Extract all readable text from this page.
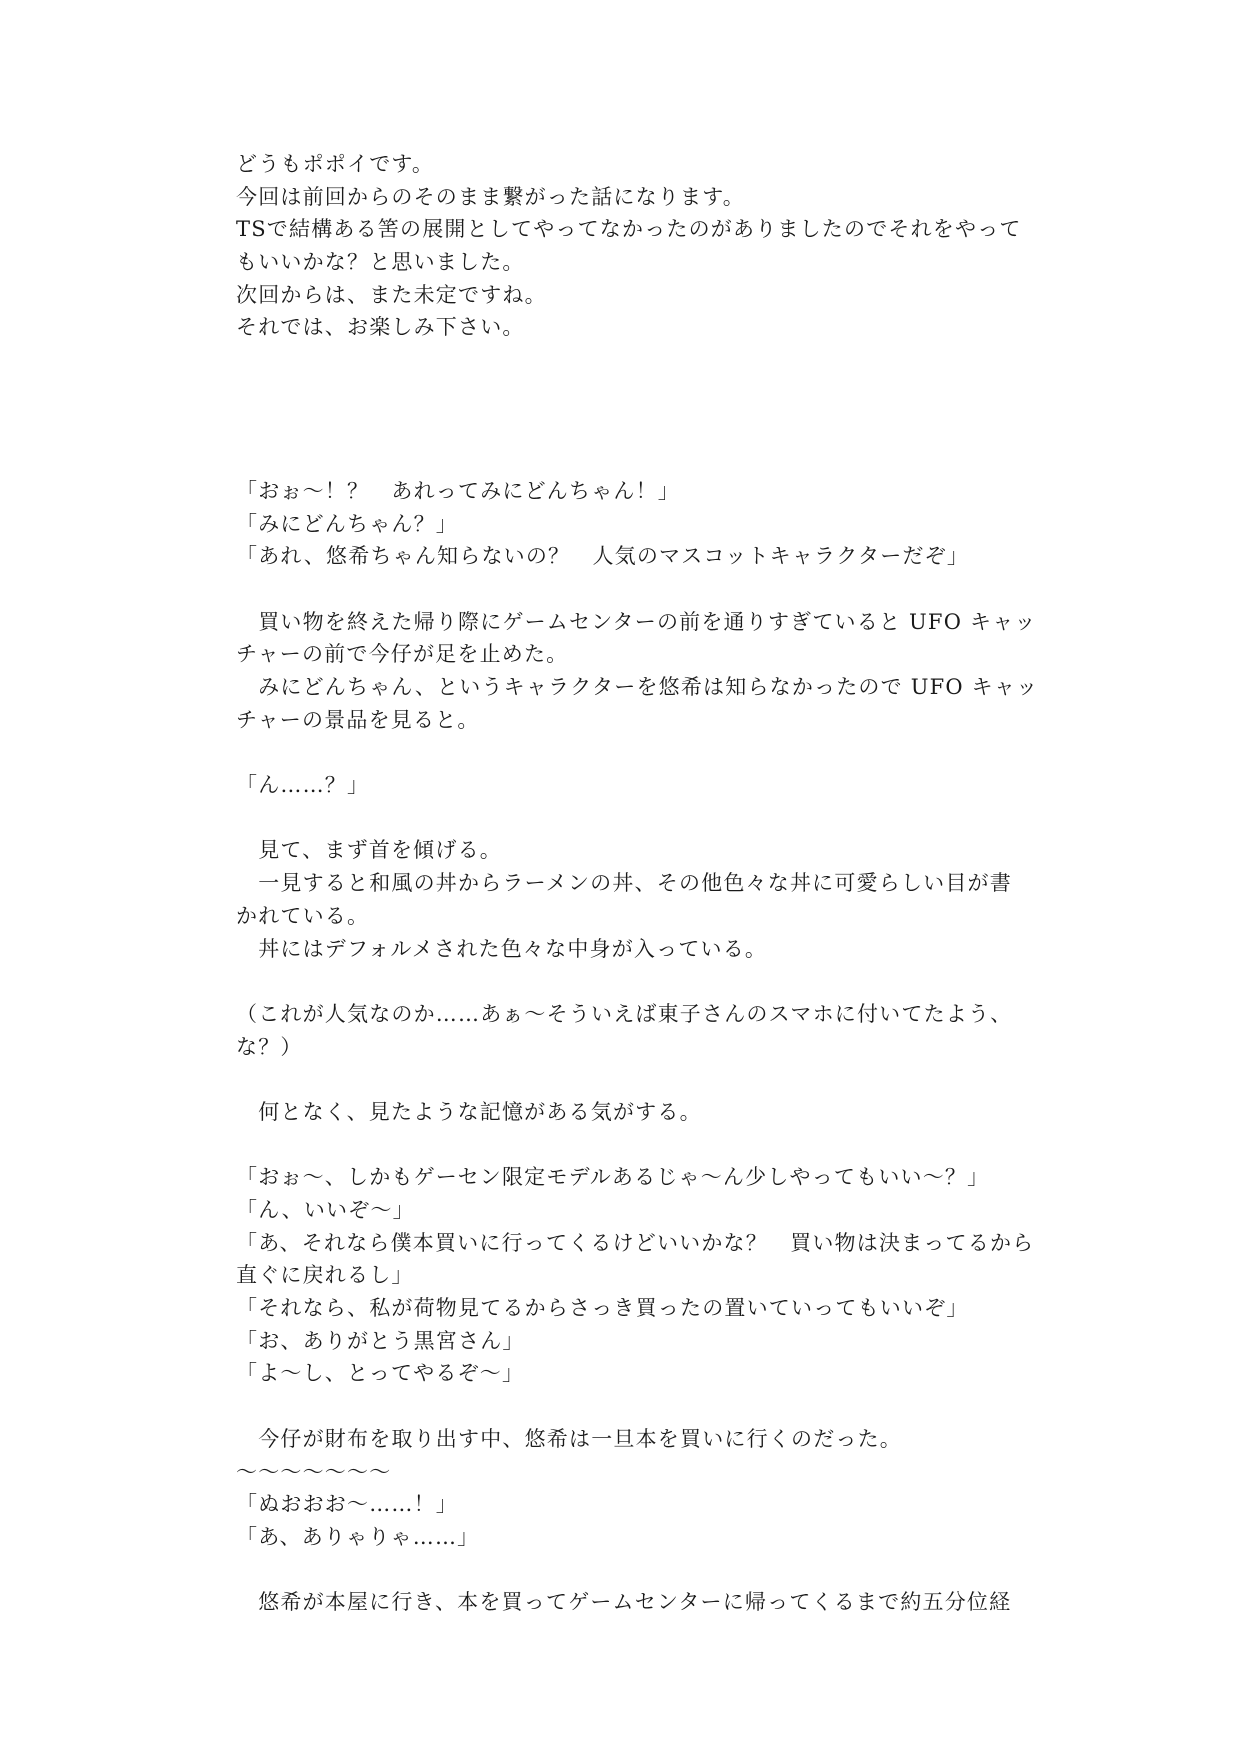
どうもポポイです。
今回は前回からのそのまま繋がった話になります。
TSで結構ある筈の展開としてやってなかったのがありましたのでそれをやって
もいいかな？と思いました。
次回からは、また未定ですね。
それでは、お楽しみ下さい。
「おぉ〜！？　あれってみにどんちゃん！」
「みにどんちゃん？」
「あれ、悠希ちゃん知らないの？　人気のマスコットキャラクターだぞ」
　買い物を終えた帰り際にゲームセンターの前を通りすぎていると UFO キャッ
チャーの前で今仔が足を止めた。
　みにどんちゃん、というキャラクターを悠希は知らなかったので UFO キャッ
チャーの景品を見ると。
「ん……？」
　見て、まず首を傾げる。
　一見すると和風の丼からラーメンの丼、その他色々な丼に可愛らしい目が書
かれている。
　丼にはデフォルメされた色々な中身が入っている。
（これが人気なのか……あぁ〜そういえば東子さんのスマホに付いてたよう、
な？）
　何となく、見たような記憶がある気がする。
「おぉ〜、しかもゲーセン限定モデルあるじゃ〜ん少しやってもいい〜？」
「ん、いいぞ〜」
「あ、それなら僕本買いに行ってくるけどいいかな？　買い物は決まってるから
直ぐに戻れるし」
「それなら、私が荷物見てるからさっき買ったの置いていってもいいぞ」
「お、ありがとう黒宮さん」
「よ〜し、とってやるぞ〜」
　今仔が財布を取り出す中、悠希は一旦本を買いに行くのだった。
〜〜〜〜〜〜〜
「ぬおおお〜……！」
「あ、ありゃりゃ……」
　悠希が本屋に行き、本を買ってゲームセンターに帰ってくるまで約五分位経
